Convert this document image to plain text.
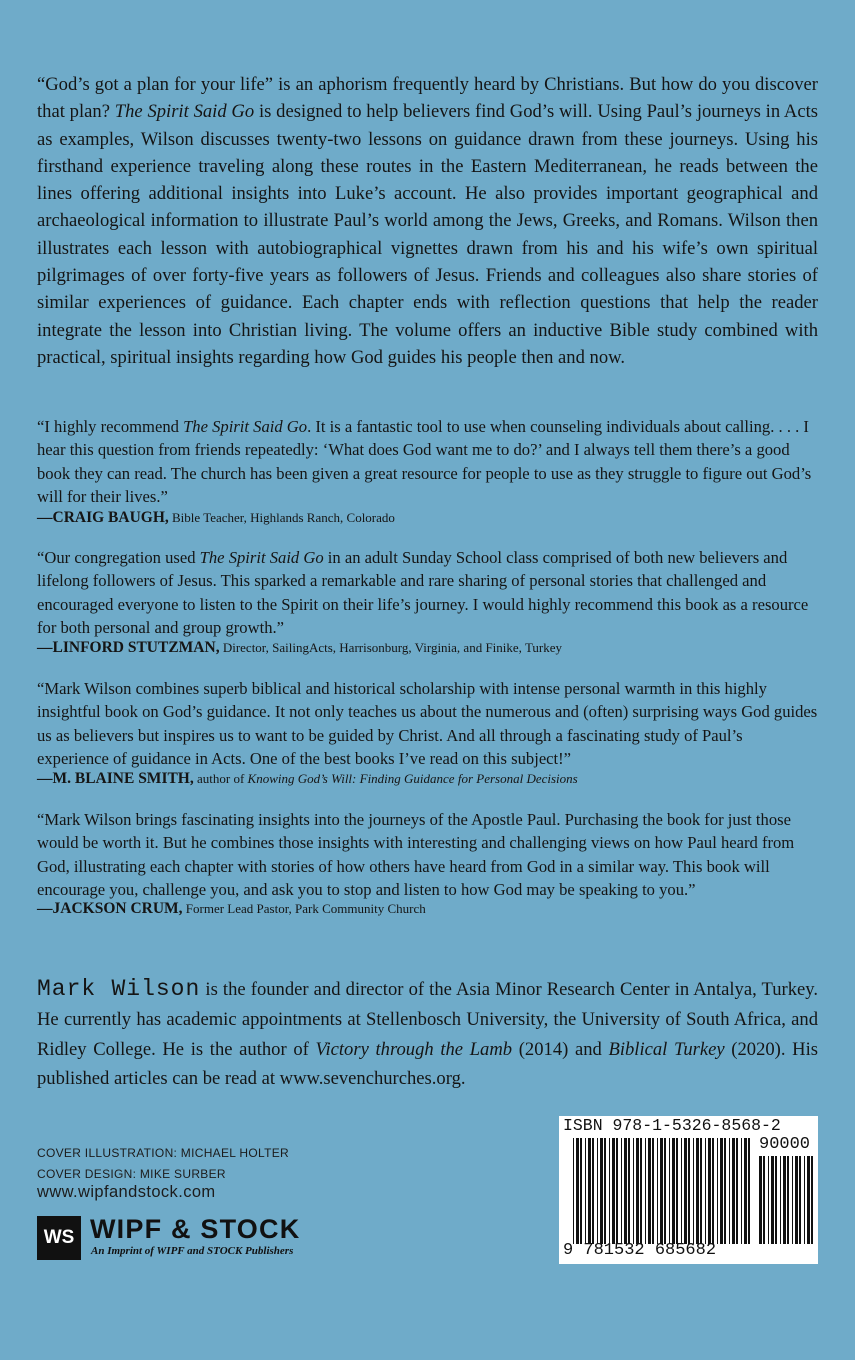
“God’s got a plan for your life” is an aphorism frequently heard by Christians. But how do you discover that plan? The Spirit Said Go is designed to help believers find God’s will. Using Paul’s journeys in Acts as examples, Wilson discusses twenty-two lessons on guidance drawn from these journeys. Using his firsthand experience traveling along these routes in the Eastern Mediterranean, he reads between the lines offering additional insights into Luke’s account. He also provides important geographical and archaeological information to illustrate Paul’s world among the Jews, Greeks, and Romans. Wilson then illustrates each lesson with autobiographical vignettes drawn from his and his wife’s own spiritual pilgrimages of over forty-five years as followers of Jesus. Friends and colleagues also share stories of similar experiences of guidance. Each chapter ends with reflection questions that help the reader integrate the lesson into Christian living. The volume offers an inductive Bible study combined with practical, spiritual insights regarding how God guides his people then and now.

“I highly recommend The Spirit Said Go. It is a fantastic tool to use when counseling individuals about calling. . . . I hear this question from friends repeatedly: ‘What does God want me to do?’ and I always tell them there’s a good book they can read. The church has been given a great resource for people to use as they struggle to figure out God’s will for their lives.”

—CRAIG BAUGH, Bible Teacher, Highlands Ranch, Colorado

“Our congregation used The Spirit Said Go in an adult Sunday School class comprised of both new believers and lifelong followers of Jesus. This sparked a remarkable and rare sharing of personal stories that challenged and encouraged everyone to listen to the Spirit on their life’s journey. I would highly recommend this book as a resource for both personal and group growth.”

—LINFORD STUTZMAN, Director, SailingActs, Harrisonburg, Virginia, and Finike, Turkey

“Mark Wilson combines superb biblical and historical scholarship with intense personal warmth in this highly insightful book on God’s guidance. It not only teaches us about the numerous and (often) surprising ways God guides us as believers but inspires us to want to be guided by Christ. And all through a fascinating study of Paul’s experience of guidance in Acts. One of the best books I’ve read on this subject!”

—M. BLAINE SMITH, author of Knowing God’s Will: Finding Guidance for Personal Decisions

“Mark Wilson brings fascinating insights into the journeys of the Apostle Paul. Purchasing the book for just those would be worth it. But he combines those insights with interesting and challenging views on how Paul heard from God, illustrating each chapter with stories of how others have heard from God in a similar way. This book will encourage you, challenge you, and ask you to stop and listen to how God may be speaking to you.”

—JACKSON CRUM, Former Lead Pastor, Park Community Church

Mark Wilson is the founder and director of the Asia Minor Research Center in Antalya, Turkey. He currently has academic appointments at Stellenbosch University, the University of South Africa, and Ridley College. He is the author of Victory through the Lamb (2014) and Biblical Turkey (2020). His published articles can be read at www.sevenchurches.org.

COVER ILLUSTRATION: MICHAEL HOLTER
COVER DESIGN: MIKE SURBER
www.wipfandstock.com
WS WIPF & STOCK
An Imprint of WIPF and STOCK Publishers
ISBN 978-1-5326-8568-2
90000
9 781532 685682
